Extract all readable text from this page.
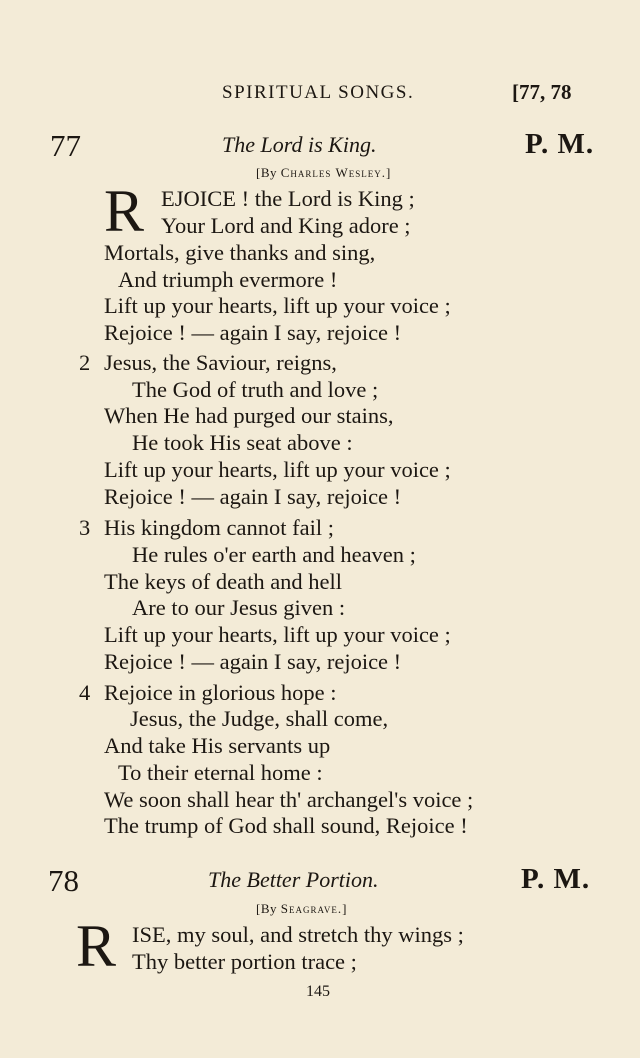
SPIRITUAL SONGS.	[77, 78
77	The Lord is King.	P. M.
[By Charles Wesley.]
R EJOICE ! the Lord is King ;
Your Lord and King adore ;
Mortals, give thanks and sing,
And triumph evermore !
Lift up your hearts, lift up your voice ;
Rejoice ! — again I say, rejoice !
2 Jesus, the Saviour, reigns,
The God of truth and love ;
When He had purged our stains,
He took His seat above :
Lift up your hearts, lift up your voice ;
Rejoice ! — again I say, rejoice !
3 His kingdom cannot fail ;
He rules o'er earth and heaven ;
The keys of death and hell
Are to our Jesus given :
Lift up your hearts, lift up your voice ;
Rejoice ! — again I say, rejoice !
4 Rejoice in glorious hope :
Jesus, the Judge, shall come,
And take His servants up
To their eternal home :
We soon shall hear th' archangel's voice ;
The trump of God shall sound, Rejoice !
78	The Better Portion.	P. M.
[By Seagrave.]
R ISE, my soul, and stretch thy wings ;
Thy better portion trace ;
145
